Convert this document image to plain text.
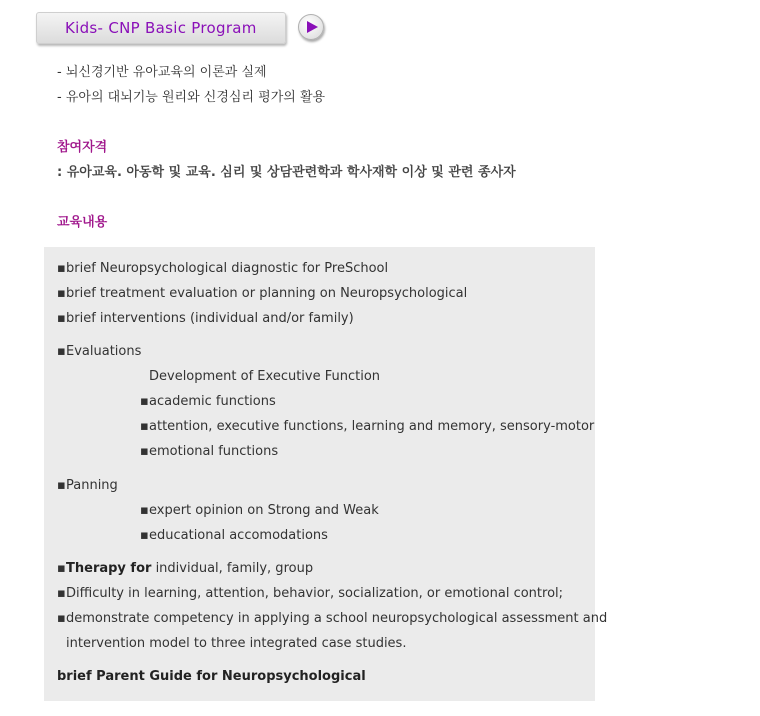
Kids- CNP Basic Program
- 뇌신경기반 유아교육의 이론과 실제
- 유아의 대뇌기능 원리와 신경심리 평가의 활용
참여자격
: 유아교육. 아동학 및 교육. 심리 및 상담관련학과 학사재학 이상 및 관련 종사자
교육내용
▪brief Neuropsychological diagnostic for PreSchool
▪brief treatment evaluation or planning on Neuropsychological
▪brief interventions (individual and/or family)
▪Evaluations
Development of Executive Function
▪academic functions
▪attention, executive functions, learning and memory, sensory-motor
▪emotional functions
▪Panning
▪expert opinion on Strong and Weak
▪educational accomodations
▪Therapy for individual, family, group
▪Difficulty in learning, attention, behavior, socialization, or emotional control;
▪demonstrate competency in applying a school neuropsychological assessment and
intervention model to three integrated case studies.
brief Parent Guide for Neuropsychological
